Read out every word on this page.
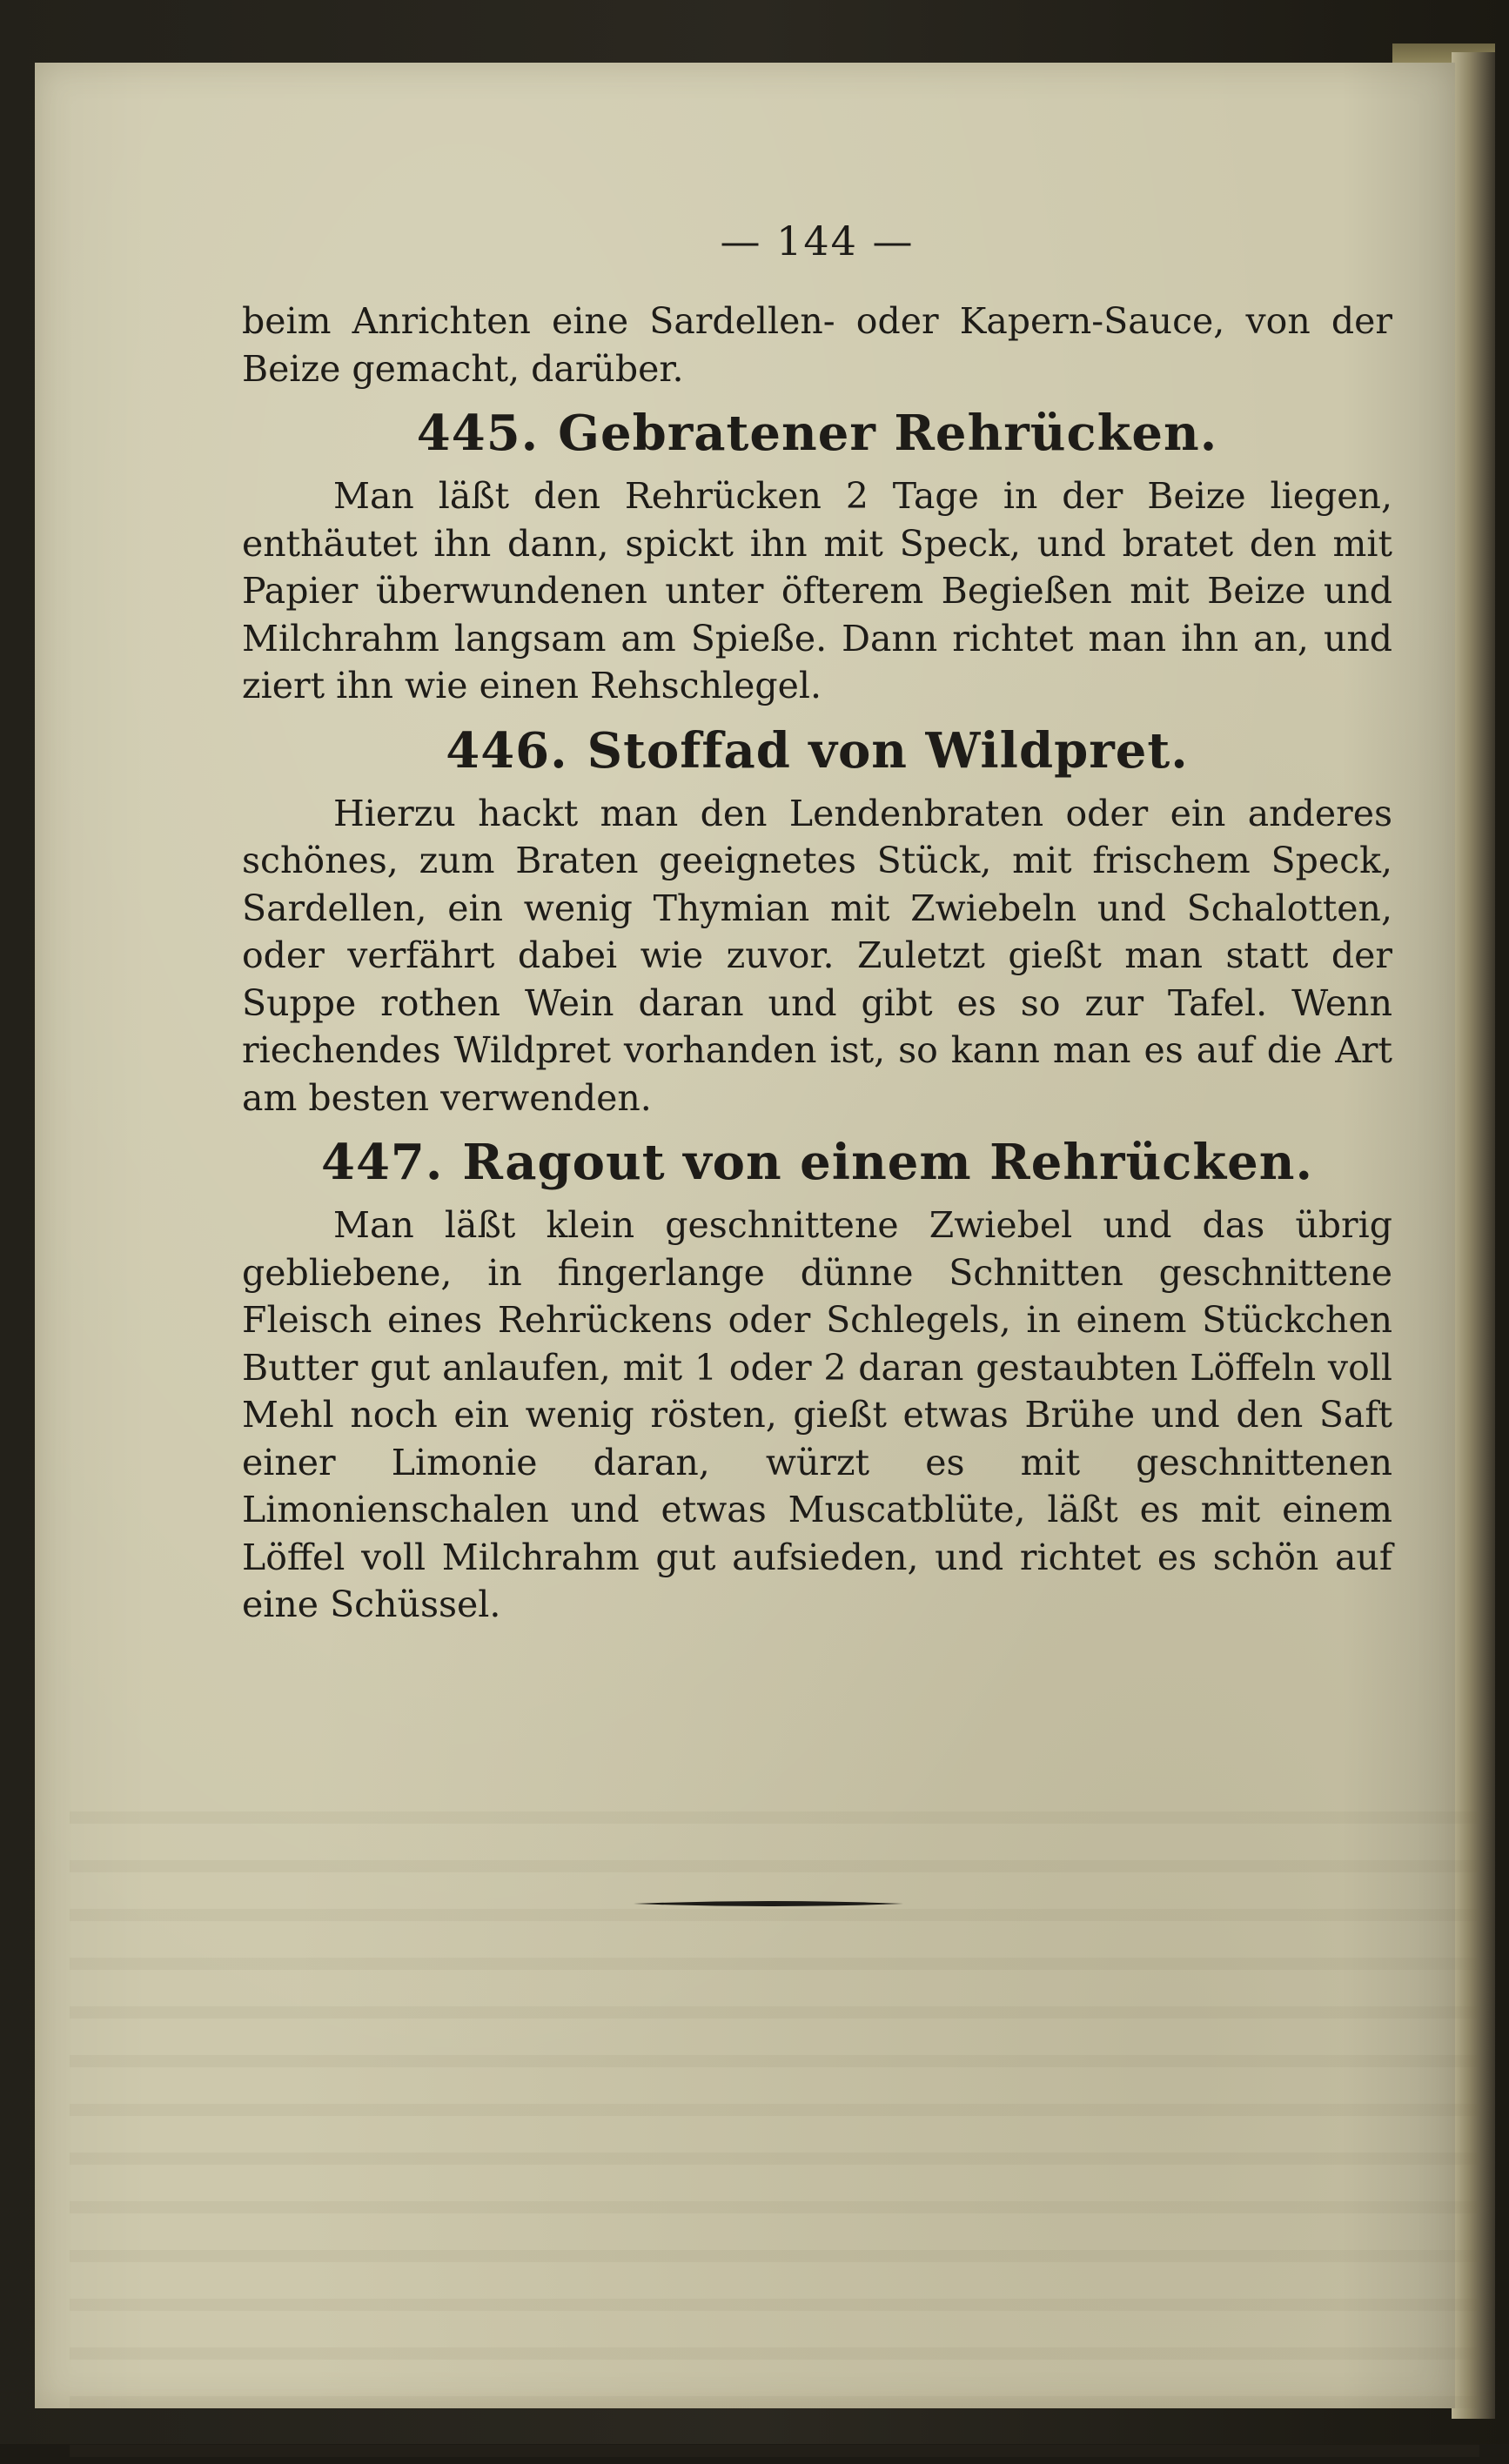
— 144 —

beim Anrichten eine Sardellen- oder Kapern-Sauce, von der Beize gemacht, darüber.

445. Gebratener Rehrücken.

Man läßt den Rehrücken 2 Tage in der Beize liegen, enthäutet ihn dann, spickt ihn mit Speck, und bratet den mit Papier überwundenen unter öfterem Begießen mit Beize und Milchrahm langsam am Spieße. Dann richtet man ihn an, und ziert ihn wie einen Rehschlegel.

446. Stoffad von Wildpret.

Hierzu hackt man den Lendenbraten oder ein anderes schönes, zum Braten geeignetes Stück, mit frischem Speck, Sardellen, ein wenig Thymian mit Zwiebeln und Schalotten, oder verfährt dabei wie zuvor. Zuletzt gießt man statt der Suppe rothen Wein daran und gibt es so zur Tafel. Wenn riechendes Wildpret vorhanden ist, so kann man es auf die Art am besten verwenden.

447. Ragout von einem Rehrücken.

Man läßt klein geschnittene Zwiebel und das übrig gebliebene, in fingerlange dünne Schnitten geschnittene Fleisch eines Rehrückens oder Schlegels, in einem Stückchen Butter gut anlaufen, mit 1 oder 2 daran gestaubten Löffeln voll Mehl noch ein wenig rösten, gießt etwas Brühe und den Saft einer Limonie daran, würzt es mit geschnittenen Limonienschalen und etwas Muscatblüte, läßt es mit einem Löffel voll Milchrahm gut aufsieden, und richtet es schön auf eine Schüssel.
